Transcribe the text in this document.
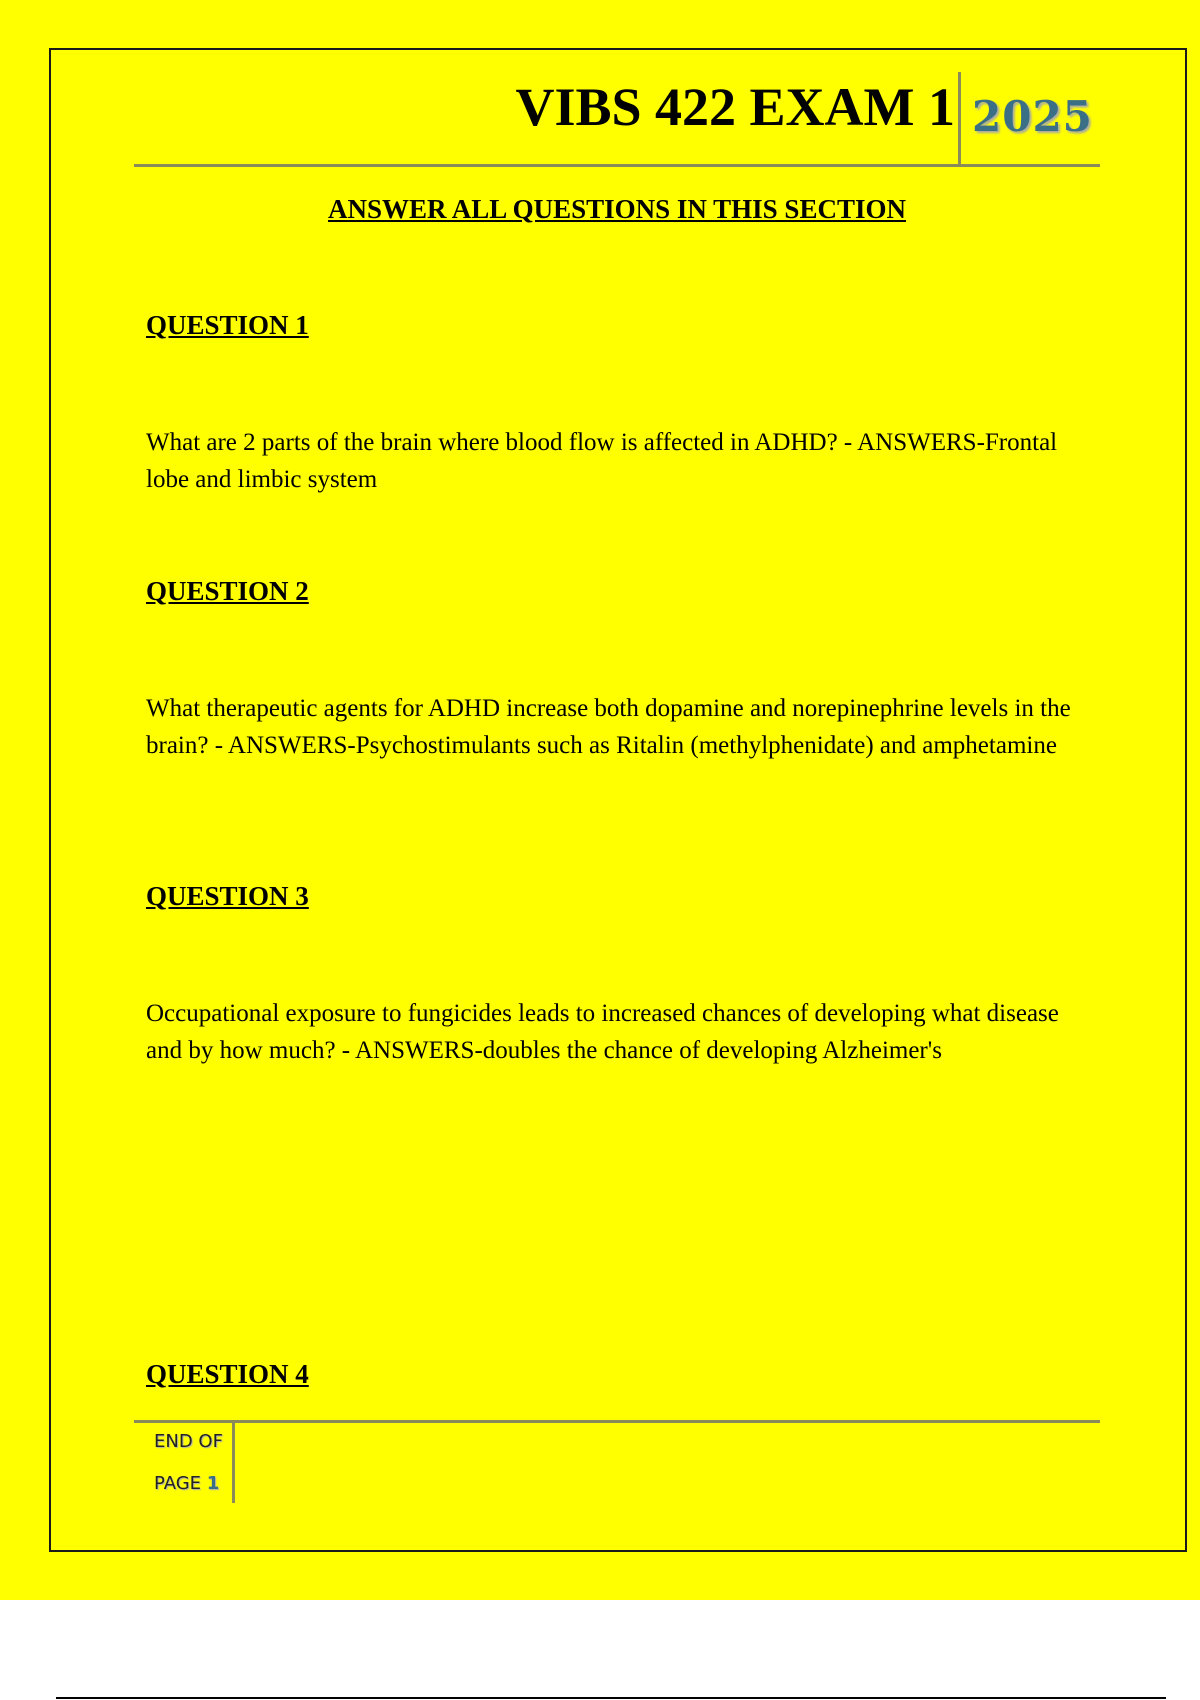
VIBS 422 EXAM 1 2025
ANSWER ALL QUESTIONS IN THIS SECTION
QUESTION 1
What are 2 parts of the brain where blood flow is affected in ADHD? - ANSWERS-Frontal lobe and limbic system
QUESTION 2
What therapeutic agents for ADHD increase both dopamine and norepinephrine levels in the brain? - ANSWERS-Psychostimulants such as Ritalin (methylphenidate) and amphetamine
QUESTION 3
Occupational exposure to fungicides leads to increased chances of developing what disease and by how much? - ANSWERS-doubles the chance of developing Alzheimer's
QUESTION 4
END OF
PAGE 1
